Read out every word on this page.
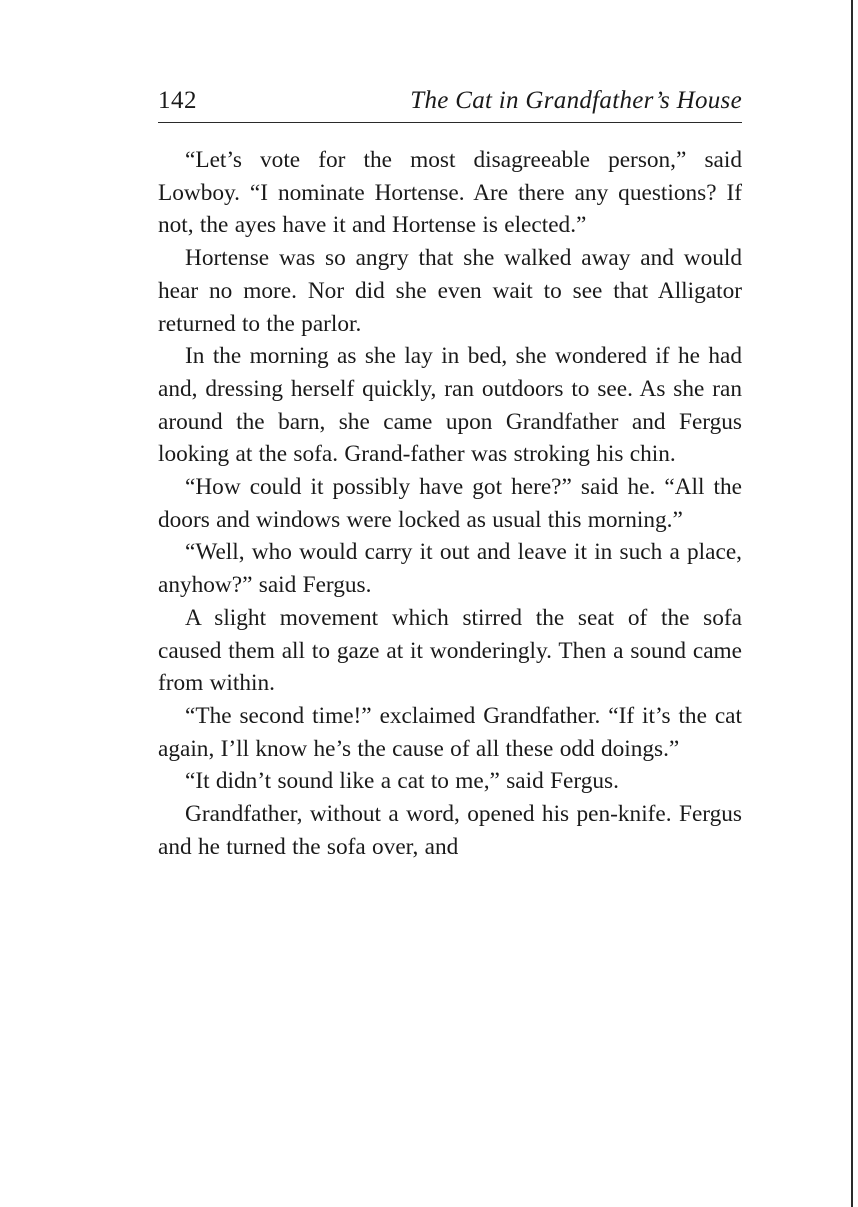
142	The Cat in Grandfather’s House

“Let’s vote for the most disagreeable person,” said Lowboy. “I nominate Hortense. Are there any questions? If not, the ayes have it and Hortense is elected.”

Hortense was so angry that she walked away and would hear no more. Nor did she even wait to see that Alligator returned to the parlor.

In the morning as she lay in bed, she wondered if he had and, dressing herself quickly, ran outdoors to see. As she ran around the barn, she came upon Grandfather and Fergus looking at the sofa. Grand-father was stroking his chin.

“How could it possibly have got here?” said he. “All the doors and windows were locked as usual this morning.”

“Well, who would carry it out and leave it in such a place, anyhow?” said Fergus.

A slight movement which stirred the seat of the sofa caused them all to gaze at it wonderingly. Then a sound came from within.

“The second time!” exclaimed Grandfather. “If it’s the cat again, I’ll know he’s the cause of all these odd doings.”

“It didn’t sound like a cat to me,” said Fergus.

Grandfather, without a word, opened his pen-knife. Fergus and he turned the sofa over, and
